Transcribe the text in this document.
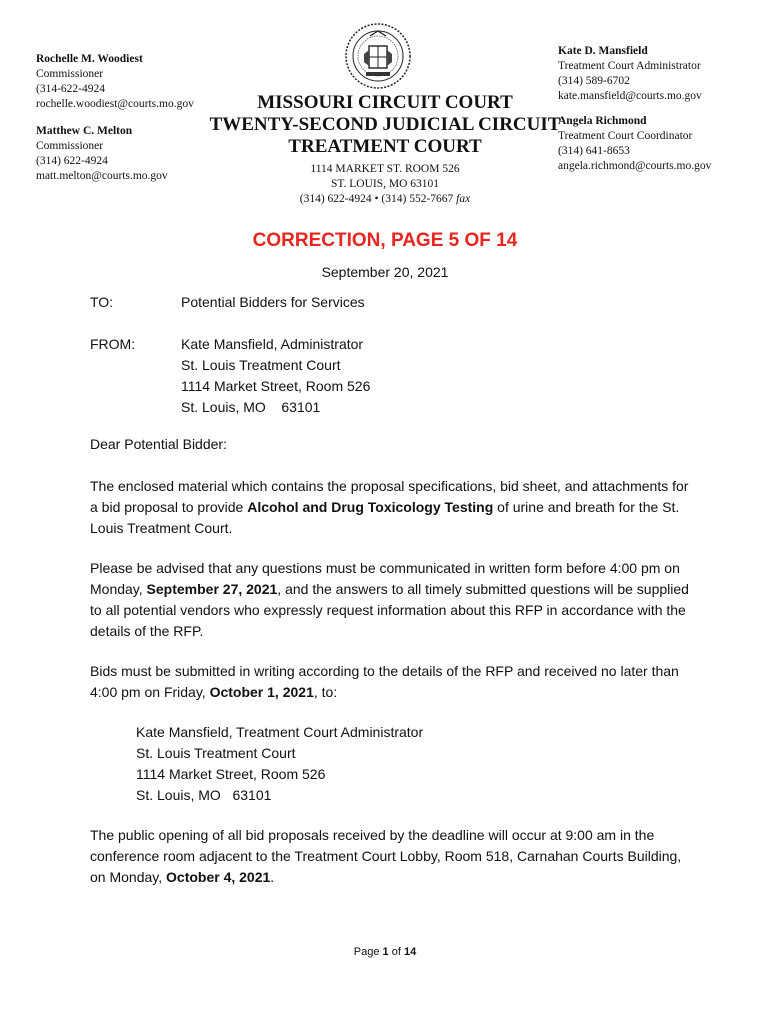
Rochelle M. Woodiest
Commissioner
(314-622-4924
rochelle.woodiest@courts.mo.gov
Matthew C. Melton
Commissioner
(314) 622-4924
matt.melton@courts.mo.gov
MISSOURI CIRCUIT COURT
TWENTY-SECOND JUDICIAL CIRCUIT
TREATMENT COURT
1114 MARKET ST. ROOM 526
ST. LOUIS, MO 63101
(314) 622-4924 • (314) 552-7667 fax
Kate D. Mansfield
Treatment Court Administrator
(314) 589-6702
kate.mansfield@courts.mo.gov
Angela Richmond
Treatment Court Coordinator
(314) 641-8653
angela.richmond@courts.mo.gov
CORRECTION, PAGE 5 OF 14
September 20, 2021
TO:	Potential Bidders for Services
FROM:	Kate Mansfield, Administrator
St. Louis Treatment Court
1114 Market Street, Room 526
St. Louis, MO    63101
Dear Potential Bidder:
The enclosed material which contains the proposal specifications, bid sheet, and attachments for a bid proposal to provide Alcohol and Drug Toxicology Testing of urine and breath for the St. Louis Treatment Court.
Please be advised that any questions must be communicated in written form before 4:00 pm on Monday, September 27, 2021, and the answers to all timely submitted questions will be supplied to all potential vendors who expressly request information about this RFP in accordance with the details of the RFP.
Bids must be submitted in writing according to the details of the RFP and received no later than 4:00 pm on Friday, October 1, 2021, to:
Kate Mansfield, Treatment Court Administrator
St. Louis Treatment Court
1114 Market Street, Room 526
St. Louis, MO   63101
The public opening of all bid proposals received by the deadline will occur at 9:00 am in the conference room adjacent to the Treatment Court Lobby, Room 518, Carnahan Courts Building, on Monday, October 4, 2021.
Page 1 of 14
